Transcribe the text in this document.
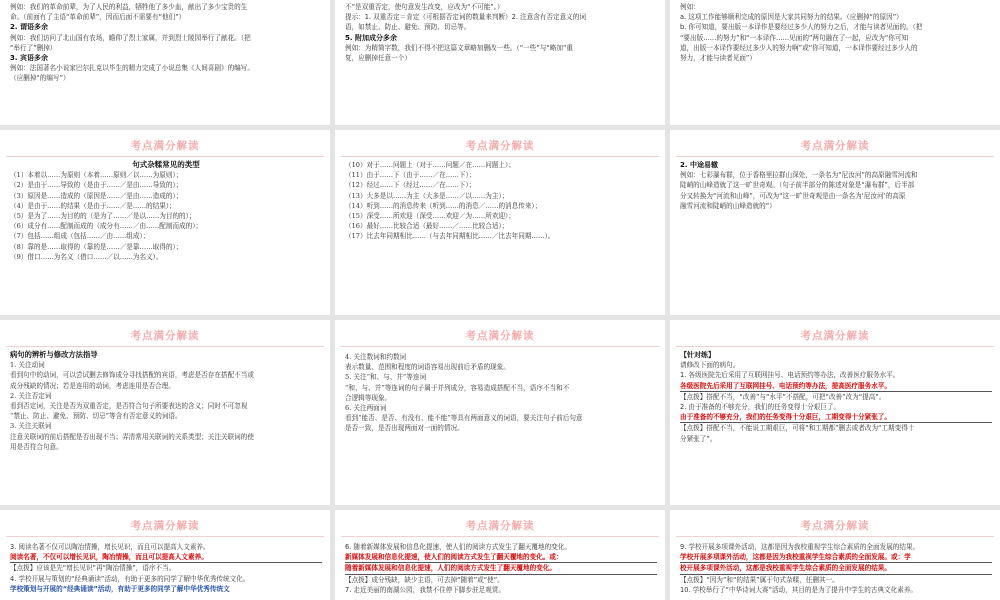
例如：我们的革命前辈，为了人民的利益，牺牲他了多少血，献出了多少宝贵的生
命。（前面有了主语“革命前辈”，因而后面不需要有“他们”）
2. 谓语多余
例如：我们访问了北山国有农场，瞻仰了烈士家属，并到烈士陵园举行了献花。（把
“举行了”删掉）
3. 宾语多余
例如：法国著名小说家巴尔扎克以毕生的精力完成了小说总集《人间喜剧》的编写。
（应删掉“的编写”）
不”是双重否定，使句意发生改变，应改为“不可能”。）
提示：1. 双重否定＝肯定（可根据否定词的数量来判断）2. 注意含有否定意义的词
语，如禁止、防止、避免、预防、切忌等。
5. 附加成分多余
例如：为精简字数，我们不得不把这篇文章略加删改一些。（“一些”与“略加”重
复，应删掉任意一个）
例如：
a. 这项工作能够顺利完成的原因是大家共同努力的结果。（应删掉“的原因”）
b. 你可知道，要出版一本译作是要经过多少人的努力之后，才能与读者见面的。（把
“要出版……的努力”和“一本译作……见面的”两句融在了一起，应改为“你可知
道，出版一本译作要经过多少人的努力啊”或“你可知道，一本译作要经过多少人的
努力，才能与读者见面”）
考点满分解读
句式杂糅常见的类型
（1）本着以……为原则（本着……原则／以……为原则）；
（2）是由于……导致的（是由于……／是由……导致的）；
（3）原因是……造成的（原因是……／是由……造成的）；
（4）是由于……的结果（是由于……／是……的结果）；
（5）是为了……为目的的（是为了……／是以……为目的的）；
（6）成分有……配制而成的（成分有……／由……配制而成的）；
（7）包括……组成（包括……／由……组成）；
（8）靠的是……取得的（靠的是……／是靠……取得的）；
（9）借口……为名义（借口……／以……为名义）。
考点满分解读
（10）对于……问题上（对于……问题／在……问题上）；
（11）由于……下（由于……／在……下）；
（12）经过……下（经过……／在……下）；
（13）大多是以……为主（大多是……／以……为主）；
（14）听到……的消息传来（听到……的消息／……的消息传来）；
（15）深受……所欢迎（深受……欢迎／为……所欢迎）；
（16）最好……比较合适（最好……／……比较合适）；
（17）比去年同期相比……（与去年同期相比……／比去年同期……）。
考点满分解读
2. 中途易辙
例如：七彩瀑布群，位于香格里拉群山深处，一条名为“尼汝河”的高原融雪河流和
陡峭的山峰造就了这一旷世奇观。（句子前半部分的陈述对象是“瀑布群”，后半部
分又转换为“河流和山峰”，可改为“这一旷世奇观是由一条名为‘尼汝河’的高原
融雪河流和陡峭的山峰造就的”）
考点满分解读
病句的辨析与修改方法指导
1. 关注动词
看到句中的动词，可以尝试删去修饰成分寻找搭配的宾语，考虑是否存在搭配不当或
成分残缺的情况；若是连用的动词，考虑连用是否合理。
2. 关注否定词
看到否定词，关注是否为双重否定，是否符合句子所要表达的含义；同时不可忽视
“禁止、防止、避免、预防、切忌”等含有否定意义的词语。
3. 关注关联词
注意关联词的前后搭配是否出现不当；弄清常用关联词的关系类型；关注关联词的使
用是否符合句意。
考点满分解读
4. 关注数词和约数词
表示数量、范围和程度的词语容易出现前后矛盾的现象。
5. 关注“和、与、并”等连词
“和、与、并”等连词的句子属于并列成分，容易造成搭配不当，语序不当和不
合逻辑等现象。
6. 关注两面词
看到“能否、是否、有没有、能不能”等具有两面意义的词语，要关注句子前后句意
是否一致，是否出现两面对一面的情况。
考点满分解读
【针对练】
请修改下面的病句。
1. 各级医院先后采用了互联网挂号、电话预约等办法，改善医疗服务水平。
各级医院先后采用了互联网挂号、电话预约等办法，提高医疗服务水平。
【点拨】搭配不当，“改善”与“水平”不搭配，可把“改善”改为“提高”。
2. 由于准备的不够充分，我们的任务变得十分艰巨了。
由于准备的不够充分，我们的任务变得十分艰巨，工期变得十分紧张了。
【点拨】搭配不当，不能说工期艰巨，可将“和工期都”删去或者改为“工期变得十
分紧张了”。
考点满分解读
3. 阅读名著不仅可以陶冶情操，增长见识，而且可以提高人文素养。
阅读名著，不仅可以增长见识，陶冶情操，而且可以提高人文素养。
【点拨】应该是先“增长见识”再“陶冶情操”，语序不当。
4. 学校开展与策划的“经典诵读”活动，有助于更多的同学了解中华优秀传统文化。
学校策划与开展的“经典诵读”活动，有助于更多的同学了解中华优秀传统文
考点满分解读
6. 随着新媒体发展和信息化提速，使人们的阅读方式发生了翻天覆地的变化。
新媒体发展和信息化提速，使人们的阅读方式发生了翻天覆地的变化。或：
随着新媒体发展和信息化提速，人们的阅读方式发生了翻天覆地的变化。
【点拨】成分残缺，缺少主语，可去掉“随着”或“使”。
7. 走近美丽的南湖公园，我禁不住停下脚步驻足观赏。
考点满分解读
9. 学校开展多项课外活动，这都是因为我校重视学生综合素质的全面发展的结果。
学校开展多项课外活动，这都是因为我校重视学生综合素质的全面发展。或：学
校开展多项课外活动，这都是我校重视学生综合素质的全面发展的结果。
【点拨】“因为”和“的结果”属于句式杂糅，任删其一。
10. 学校举行了“中华诗词大赛”活动，其目的是为了提升中学生的古典文化素养。
